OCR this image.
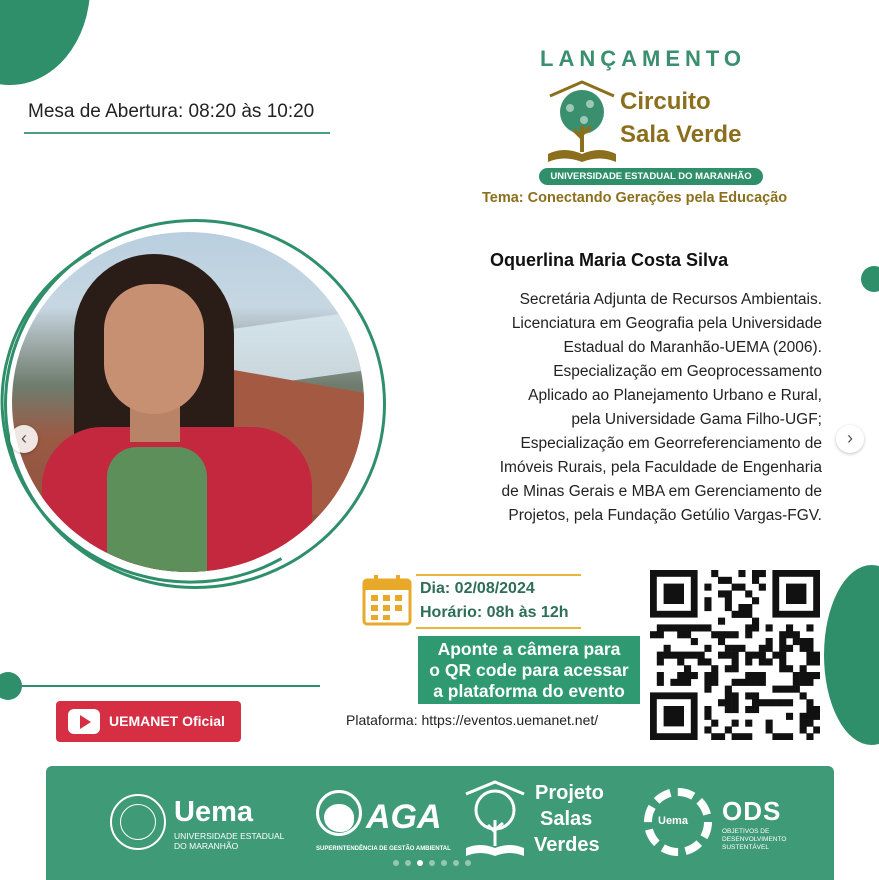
Mesa de Abertura: 08:20 às 10:20
LANÇAMENTO
Circuito
Sala Verde
UNIVERSIDADE ESTADUAL DO MARANHÃO
Tema: Conectando Gerações pela Educação
Oquerlina Maria Costa Silva
Secretária Adjunta de Recursos Ambientais.
Licenciatura em Geografia pela Universidade
Estadual do Maranhão-UEMA (2006).
Especialização em Geoprocessamento
Aplicado ao Planejamento Urbano e Rural,
pela Universidade Gama Filho-UGF;
Especialização em Georreferenciamento de
Imóveis Rurais, pela Faculdade de Engenharia
de Minas Gerais e MBA em Gerenciamento de
Projetos, pela Fundação Getúlio Vargas-FGV.
‹	›
Dia: 02/08/2024
Horário: 08h às 12h
Aponte a câmera para
o QR code para acessar
a plataforma do evento
Plataforma: https://eventos.uemanet.net/
UEMANET Oficial
Uema
UNIVERSIDADE ESTADUAL
DO MARANHÃO
AGA
SUPERINTENDÊNCIA DE GESTÃO AMBIENTAL
Projeto
Salas
Verdes
Uema ODS
OBJETIVOS DE
DESENVOLVIMENTO
SUSTENTÁVEL
